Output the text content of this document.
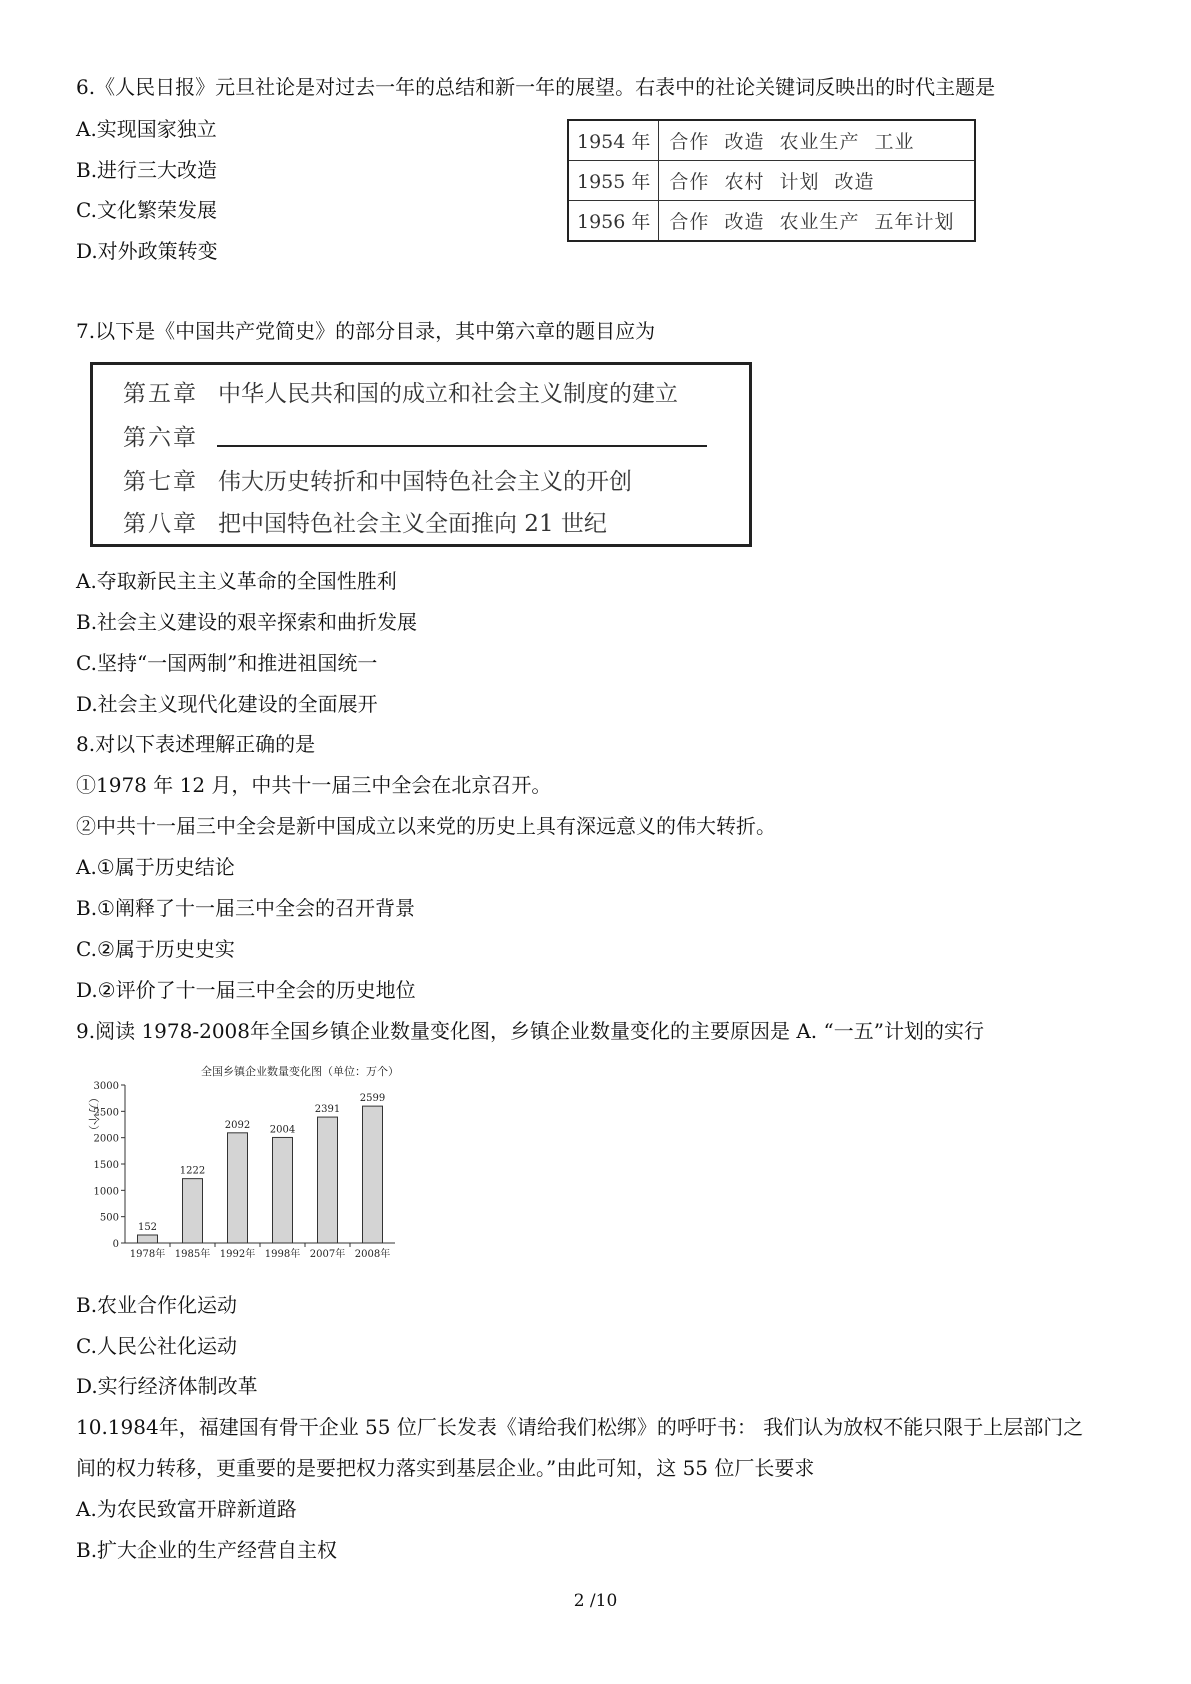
6.《人民日报》元旦社论是对过去一年的总结和新一年的展望。右表中的社论关键词反映出的时代主题是
A.实现国家独立
B.进行三大改造
C.文化繁荣发展
D.对外政策转变
1954 年	合作 改造 农业生产 工业
1955 年	合作 农村 计划 改造
1956 年	合作 改造 农业生产 五年计划
7.以下是《中国共产党简史》的部分目录，其中第六章的题目应为
第五章 中华人民共和国的成立和社会主义制度的建立
第六章
第七章 伟大历史转折和中国特色社会主义的开创
第八章 把中国特色社会主义全面推向 21 世纪
A.夺取新民主主义革命的全国性胜利
B.社会主义建设的艰辛探索和曲折发展
C.坚持“一国两制”和推进祖国统一
D.社会主义现代化建设的全面展开
8.对以下表述理解正确的是
①1978 年 12 月，中共十一届三中全会在北京召开。
②中共十一届三中全会是新中国成立以来党的历史上具有深远意义的伟大转折。
A.①属于历史结论
B.①阐释了十一届三中全会的召开背景
C.②属于历史史实
D.②评价了十一届三中全会的历史地位
9.阅读 1978-2008年全国乡镇企业数量变化图，乡镇企业数量变化的主要原因是 A. “一五”计划的实行
全国乡镇企业数量变化图（单位：万个）
（万个）
0
500
1000
1500
2000
2500
3000
152
1978年
1222
1985年
2092
1992年
2004
1998年
2391
2007年
2599
2008年
B.农业合作化运动
C.人民公社化运动
D.实行经济体制改革
10.1984年，福建国有骨干企业 55 位厂长发表《请给我们松绑》的呼吁书： 我们认为放权不能只限于上层部门之
间的权力转移，更重要的是要把权力落实到基层企业。”由此可知，这 55 位厂长要求
A.为农民致富开辟新道路
B.扩大企业的生产经营自主权
2 /10
